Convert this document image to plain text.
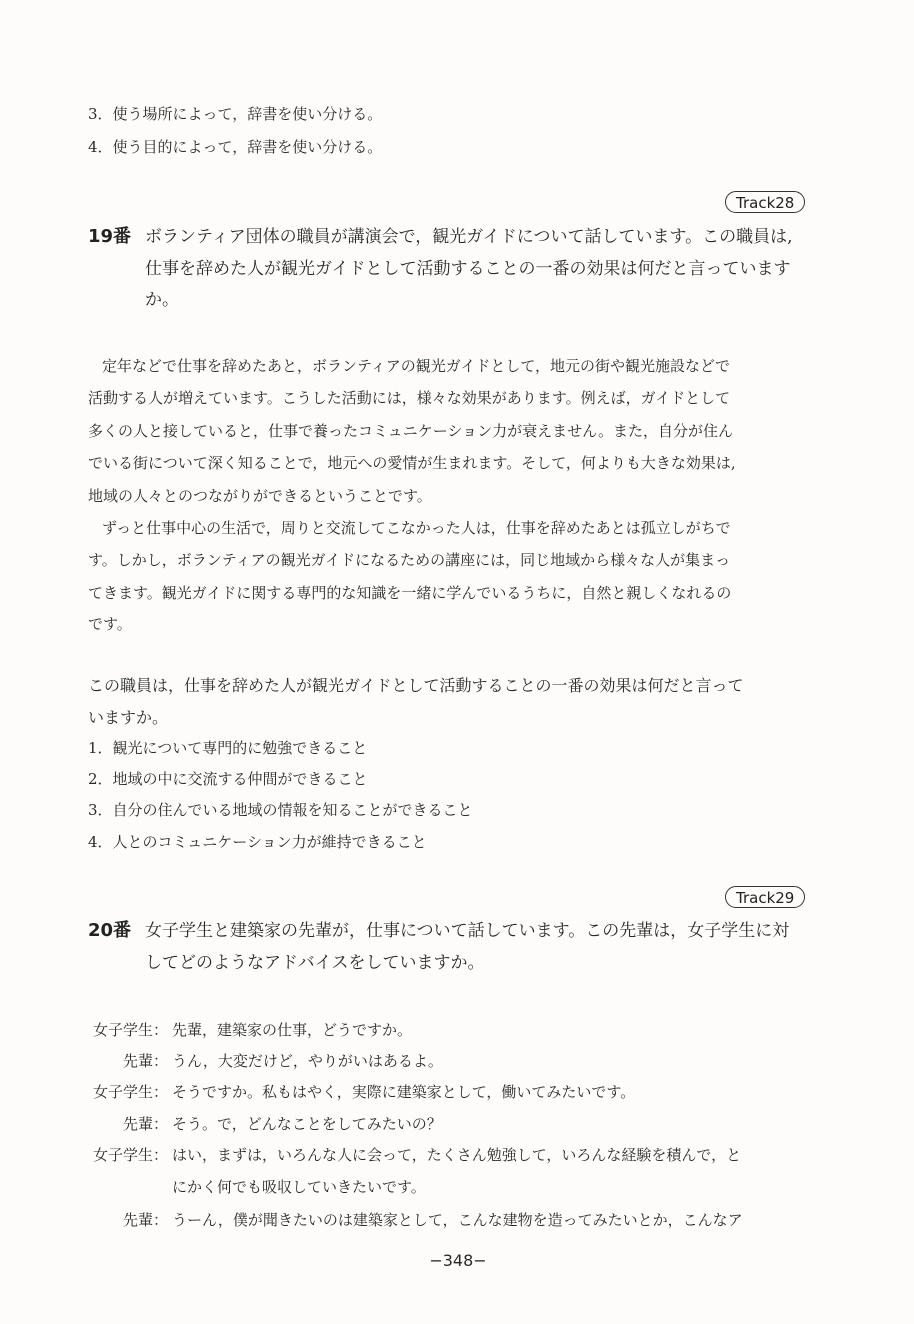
3．使う場所によって，辞書を使い分ける。
4．使う目的によって，辞書を使い分ける。
Track28
19番 ボランティア団体の職員が講演会で，観光ガイドについて話しています。この職員は,
仕事を辞めた人が観光ガイドとして活動することの一番の効果は何だと言っています
か。
定年などで仕事を辞めたあと，ボランティアの観光ガイドとして，地元の街や観光施設などで
活動する人が増えています。こうした活動には，様々な効果があります。例えば，ガイドとして
多くの人と接していると，仕事で養ったコミュニケーション力が衰えません。また，自分が住ん
でいる街について深く知ることで，地元への愛情が生まれます。そして，何よりも大きな効果は,
地域の人々とのつながりができるということです。
ずっと仕事中心の生活で，周りと交流してこなかった人は，仕事を辞めたあとは孤立しがちで
す。しかし，ボランティアの観光ガイドになるための講座には，同じ地域から様々な人が集まっ
てきます。観光ガイドに関する専門的な知識を一緒に学んでいるうちに，自然と親しくなれるの
です。
この職員は，仕事を辞めた人が観光ガイドとして活動することの一番の効果は何だと言って
いますか。
1．観光について専門的に勉強できること
2．地域の中に交流する仲間ができること
3．自分の住んでいる地域の情報を知ることができること
4．人とのコミュニケーション力が維持できること
Track29
20番 女子学生と建築家の先輩が，仕事について話しています。この先輩は，女子学生に対
してどのようなアドバイスをしていますか。
女子学生： 先輩，建築家の仕事，どうですか。
先輩： うん，大変だけど，やりがいはあるよ。
女子学生： そうですか。私もはやく，実際に建築家として，働いてみたいです。
先輩： そう。で，どんなことをしてみたいの？
女子学生： はい，まずは，いろんな人に会って，たくさん勉強して，いろんな経験を積んで，と
にかく何でも吸収していきたいです。
先輩： うーん，僕が聞きたいのは建築家として，こんな建物を造ってみたいとか，こんなア
−348−
